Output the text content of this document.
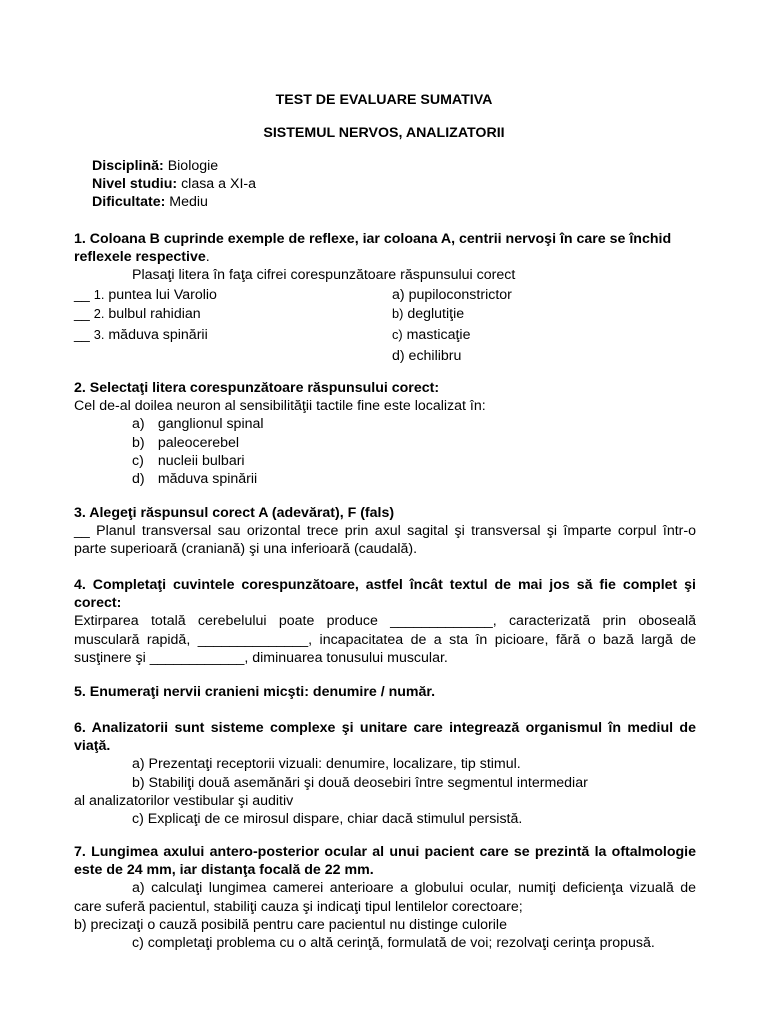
TEST DE EVALUARE SUMATIVA
SISTEMUL NERVOS, ANALIZATORII
Disciplină: Biologie
Nivel studiu: clasa a XI-a
Dificultate: Mediu
1. Coloana B cuprinde exemple de reflexe, iar coloana A, centrii nervoşi în care se închid reflexele respective.
Plasaţi litera în faţa cifrei corespunzătoare răspunsului corect
__ 1. puntea lui Varolio	a) pupiloconstrictor
__ 2. bulbul rahidian	b) deglutiţie
__ 3. măduva spinării	c) masticaţie
d) echilibru
2. Selectaţi litera corespunzătoare răspunsului corect:
Cel de-al doilea neuron al sensibilităţii tactile fine este localizat în:
a) ganglionul spinal
b) paleocerebel
c) nucleii bulbari
d) măduva spinării
3. Alegeţi răspunsul corect A (adevărat), F (fals)
__ Planul transversal sau orizontal trece prin axul sagital şi transversal şi împarte corpul într-o parte superioară (craniană) şi una inferioară (caudală).
4. Completaţi cuvintele corespunzătoare, astfel încât textul de mai jos să fie complet şi corect:
Extirparea totală cerebelului poate produce _____________, caracterizată prin oboseală musculară rapidă, ______________, incapacitatea de a sta în picioare, fără o bază largă de susţinere şi ____________, diminuarea tonusului muscular.
5. Enumeraţi nervii cranieni micşti: denumire / număr.
6. Analizatorii sunt sisteme complexe şi unitare care integrează organismul în mediul de viaţă.
a) Prezentaţi receptorii vizuali: denumire, localizare, tip stimul.
b) Stabiliţi două asemănări şi două deosebiri între segmentul intermediar
al analizatorilor vestibular şi auditiv
c) Explicaţi de ce mirosul dispare, chiar dacă stimulul persistă.
7. Lungimea axului antero-posterior ocular al unui pacient care se prezintă la oftalmologie este de 24 mm, iar distanţa focală de 22 mm.
a) calculaţi lungimea camerei anterioare a globului ocular, numiţi deficienţa vizuală de care suferă pacientul, stabiliţi cauza şi indicaţi tipul lentilelor corectoare;
b) precizaţi o cauză posibilă pentru care pacientul nu distinge culorile
c) completaţi problema cu o altă cerinţă, formulată de voi; rezolvaţi cerinţa propusă.
